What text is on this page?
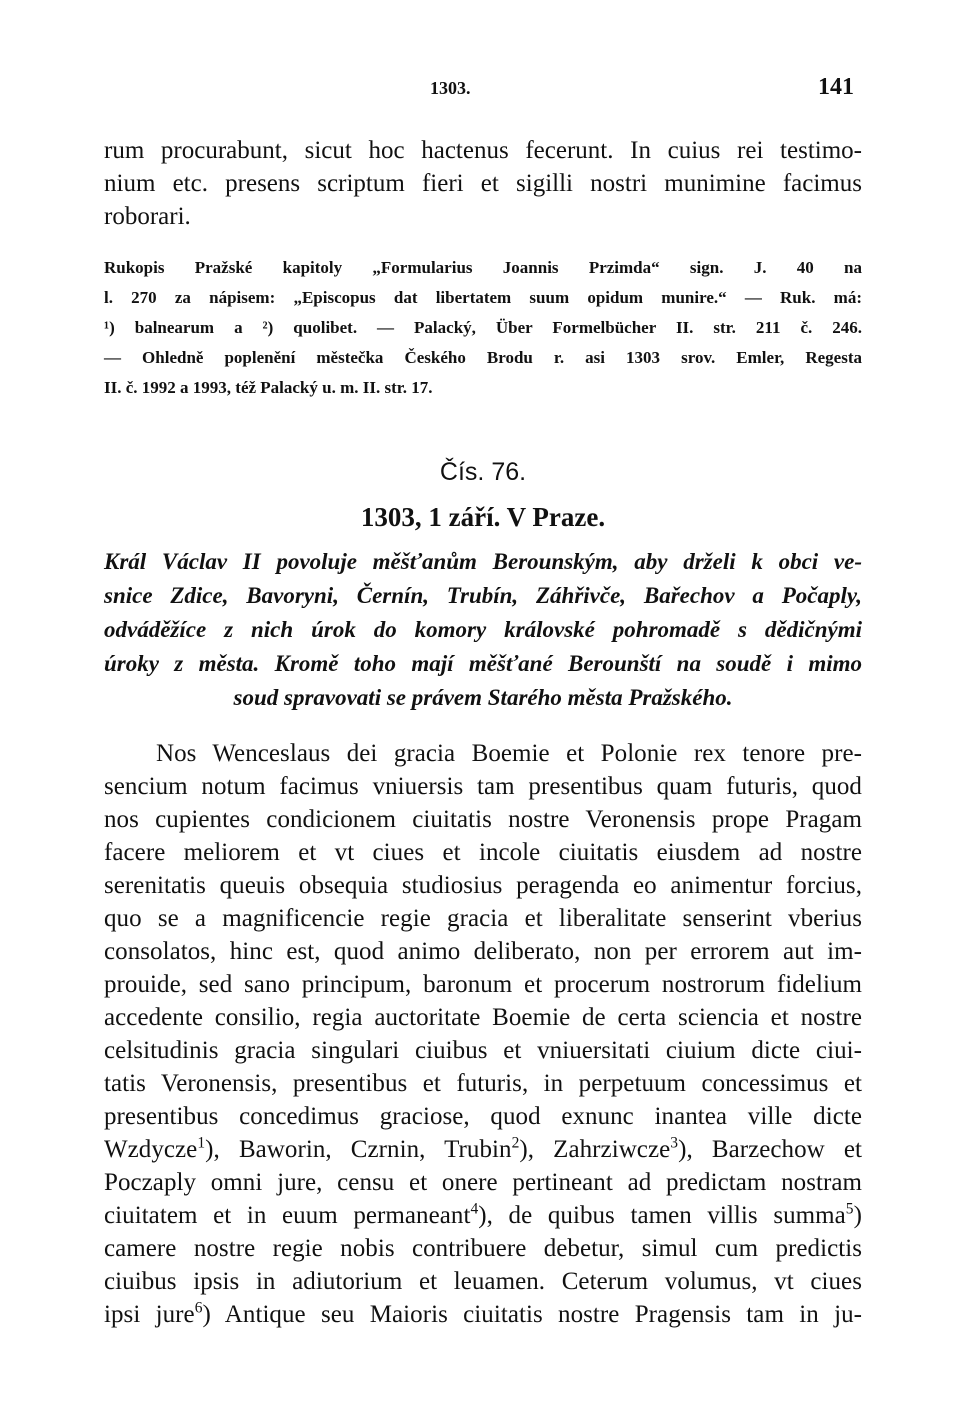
1303.	141
rum procurabunt, sicut hoc hactenus fecerunt. In cuius rei testimo-
nium etc. presens scriptum fieri et sigilli nostri munimine facimus
roborari.
Rukopis Pražské kapitoly „Formularius Joannis Przimda“ sign. J. 40 na
l. 270 za nápisem: „Episcopus dat libertatem suum opidum munire.“ — Ruk. má:
¹) balnearum a ²) quolibet. — Palacký, Über Formelbücher II. str. 211 č. 246.
— Ohledně poplenění městečka Českého Brodu r. asi 1303 srov. Emler, Regesta
II. č. 1992 a 1993, též Palacký u. m. II. str. 17.
Čís. 76.
1303, 1 září. V Praze.
Král Václav II povoluje měšťanům Berounským, aby drželi k obci ve-
snice Zdice, Bavoryni, Černín, Trubín, Záhřivče, Bařechov a Počaply,
odváděžíce z nich úrok do komory královské pohromadě s dědičnými
úroky z města. Kromě toho mají měšťané Berounští na soudě i mimo
soud spravovati se právem Starého města Pražského.
Nos Wenceslaus dei gracia Boemie et Polonie rex tenore pre-
sencium notum facimus vniuersis tam presentibus quam futuris, quod
nos cupientes condicionem ciuitatis nostre Veronensis prope Pragam
facere meliorem et vt ciues et incole ciuitatis eiusdem ad nostre
serenitatis queuis obsequia studiosius peragenda eo animentur forcius,
quo se a magnificencie regie gracia et liberalitate senserint vberius
consolatos, hinc est, quod animo deliberato, non per errorem aut im-
prouide, sed sano principum, baronum et procerum nostrorum fidelium
accedente consilio, regia auctoritate Boemie de certa sciencia et nostre
celsitudinis gracia singulari ciuibus et vniuersitati ciuium dicte ciui-
tatis Veronensis, presentibus et futuris, in perpetuum concessimus et
presentibus concedimus graciose, quod exnunc inantea ville dicte
Wzdycze$^1$), Baworin, Czrnin, Trubin$^2$), Zahrziwcze$^3$), Barzechow et
Poczaply omni jure, censu et onere pertineant ad predictam nostram
ciuitatem et in euum permaneant$^4$), de quibus tamen villis summa$^5$)
camere nostre regie nobis contribuere debetur, simul cum predictis
ciuibus ipsis in adiutorium et leuamen. Ceterum volumus, vt ciues
ipsi jure$^6$) Antique seu Maioris ciuitatis nostre Pragensis tam in ju-
